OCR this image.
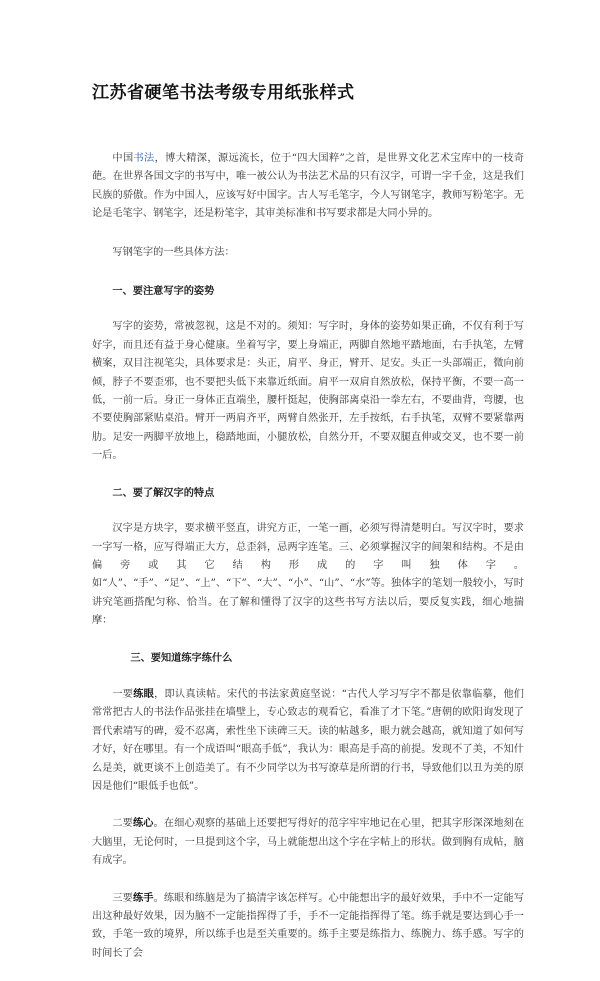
江苏省硬笔书法考级专用纸张样式

中国书法，博大精深，源远流长，位于“四大国粹”之首，是世界文化艺术宝库中的一枝奇葩。在世界各国文字的书写中，唯一被公认为书法艺术品的只有汉字，可谓一字千金，这是我们民族的骄傲。作为中国人，应该写好中国字。古人写毛笔字，今人写钢笔字，教师写粉笔字。无论是毛笔字、钢笔字，还是粉笔字，其审美标准和书写要求都是大同小异的。

写钢笔字的一些具体方法：

一、要注意写字的姿势

写字的姿势，常被忽视，这是不对的。须知：写字时，身体的姿势如果正确，不仅有利于写好字，而且还有益于身心健康。坐着写字，要上身端正，两脚自然地平踏地面，右手执笔，左臂横案，双目注视笔尖，具体要求是：头正，肩平、身正，臂开、足安。头正一头部端正，微向前倾，脖子不要歪邪，也不要把头低下来靠近纸面。肩平一双肩自然放松，保持平衡，不要一高一低，一前一后。身正一身体正直端坐，腰杆挺起，使胸部离桌沿一拳左右，不要曲背，弯腰，也不要使胸部紧贴桌沿。臂开一两肩齐平，两臂自然张开，左手按纸，右手执笔，双臂不要紧靠两肋。足安一两脚平放地上，稳踏地面，小腿放松，自然分开，不要双腿直伸或交叉，也不要一前一后。

二、要了解汉字的特点

汉字是方块字，要求横平竖直，讲究方正，一笔一画，必须写得清楚明白。写汉字时，要求一字写一格，应写得端正大方，总歪斜，忌两字连笔。三、必须掌握汉字的间架和结构。不是由偏旁或其它结构形成的字叫独体字。如“人”、“手”、“足”、“上”、“下”、“大”、“小”、“山”、“水”等。独体字的笔划一般较小，写时讲究笔画搭配匀称、恰当。在了解和懂得了汉字的这些书写方法以后，要反复实践，细心地揣摩：

三、要知道练字练什么

一要练眼，即认真读帖。宋代的书法家黄庭坚说：“古代人学习写字不都是依靠临摹，他们常常把古人的书法作品张挂在墙壁上，专心致志的观看它，看准了才下笔。”唐朝的欧阳询发现了晋代索靖写的碑，爱不忍离，索性坐下读碑三天。读的帖越多，眼力就会越高，就知道了如何写才好，好在哪里。有一个成语叫“眼高手低”，我认为：眼高是手高的前提。发现不了美，不知什么是美，就更谈不上创造美了。有不少同学以为书写潦草是所谓的行书，导致他们以丑为美的原因是他们“眼低手也低”。

二要练心。在细心观察的基础上还要把写得好的范字牢牢地记在心里，把其字形深深地刻在大脑里，无论何时，一旦提到这个字，马上就能想出这个字在字帖上的形状。做到胸有成帖，脑有成字。

三要练手。练眼和练脑是为了搞清字该怎样写。心中能想出字的最好效果，手中不一定能写出这种最好效果，因为脑不一定能指挥得了手，手不一定能指挥得了笔。练手就是要达到心手一致，手笔一致的境界，所以练手也是至关重要的。练手主要是练指力、练腕力、练手感。写字的时间长了会
